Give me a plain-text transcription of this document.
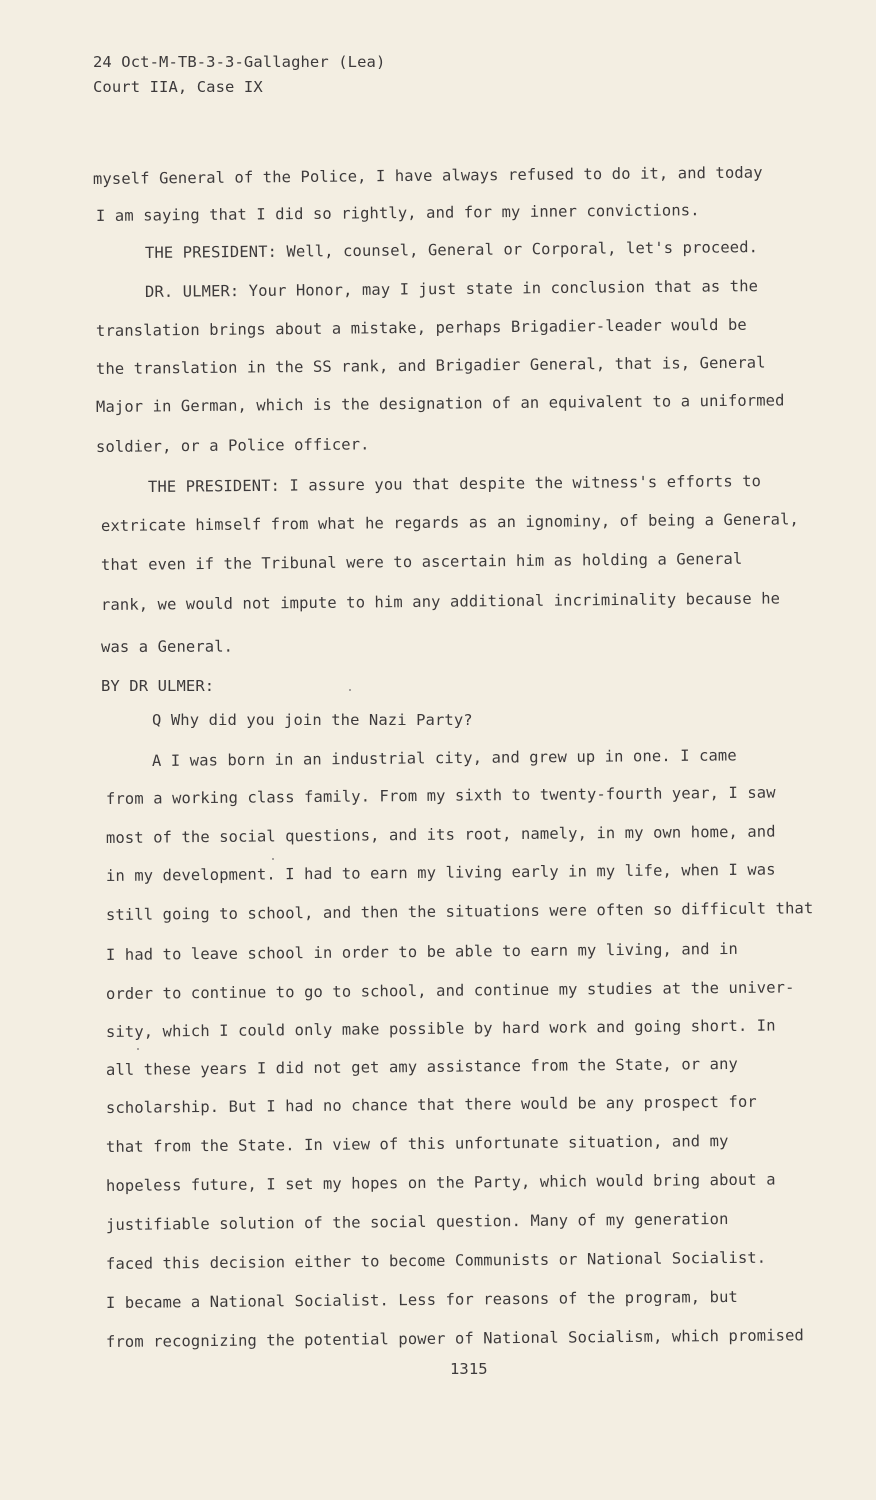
24 Oct-M-TB-3-3-Gallagher (Lea)
Court IIA, Case IX
myself General of the Police, I have always refused to do it, and today
I am saying that I did so rightly, and for my inner convictions.
THE PRESIDENT: Well, counsel, General or Corporal, let's proceed.
DR. ULMER: Your Honor, may I just state in conclusion that as the
translation brings about a mistake, perhaps Brigadier-leader would be
the translation in the SS rank, and Brigadier General, that is, General
Major in German, which is the designation of an equivalent to a uniformed
soldier, or a Police officer.
THE PRESIDENT: I assure you that despite the witness's efforts to
extricate himself from what he regards as an ignominy, of being a General,
that even if the Tribunal were to ascertain him as holding a General
rank, we would not impute to him any additional incriminality because he
was a General.
BY DR ULMER:
Q Why did you join the Nazi Party?
A I was born in an industrial city, and grew up in one. I came
from a working class family. From my sixth to twenty-fourth year, I saw
most of the social questions, and its root, namely, in my own home, and
in my development. I had to earn my living early in my life, when I was
still going to school, and then the situations were often so difficult that
I had to leave school in order to be able to earn my living, and in
order to continue to go to school, and continue my studies at the univer-
sity, which I could only make possible by hard work and going short. In
all these years I did not get amy assistance from the State, or any
scholarship. But I had no chance that there would be any prospect for
that from the State. In view of this unfortunate situation, and my
hopeless future, I set my hopes on the Party, which would bring about a
justifiable solution of the social question. Many of my generation
faced this decision either to become Communists or National Socialist.
I became a National Socialist. Less for reasons of the program, but
from recognizing the potential power of National Socialism, which promised
1315
